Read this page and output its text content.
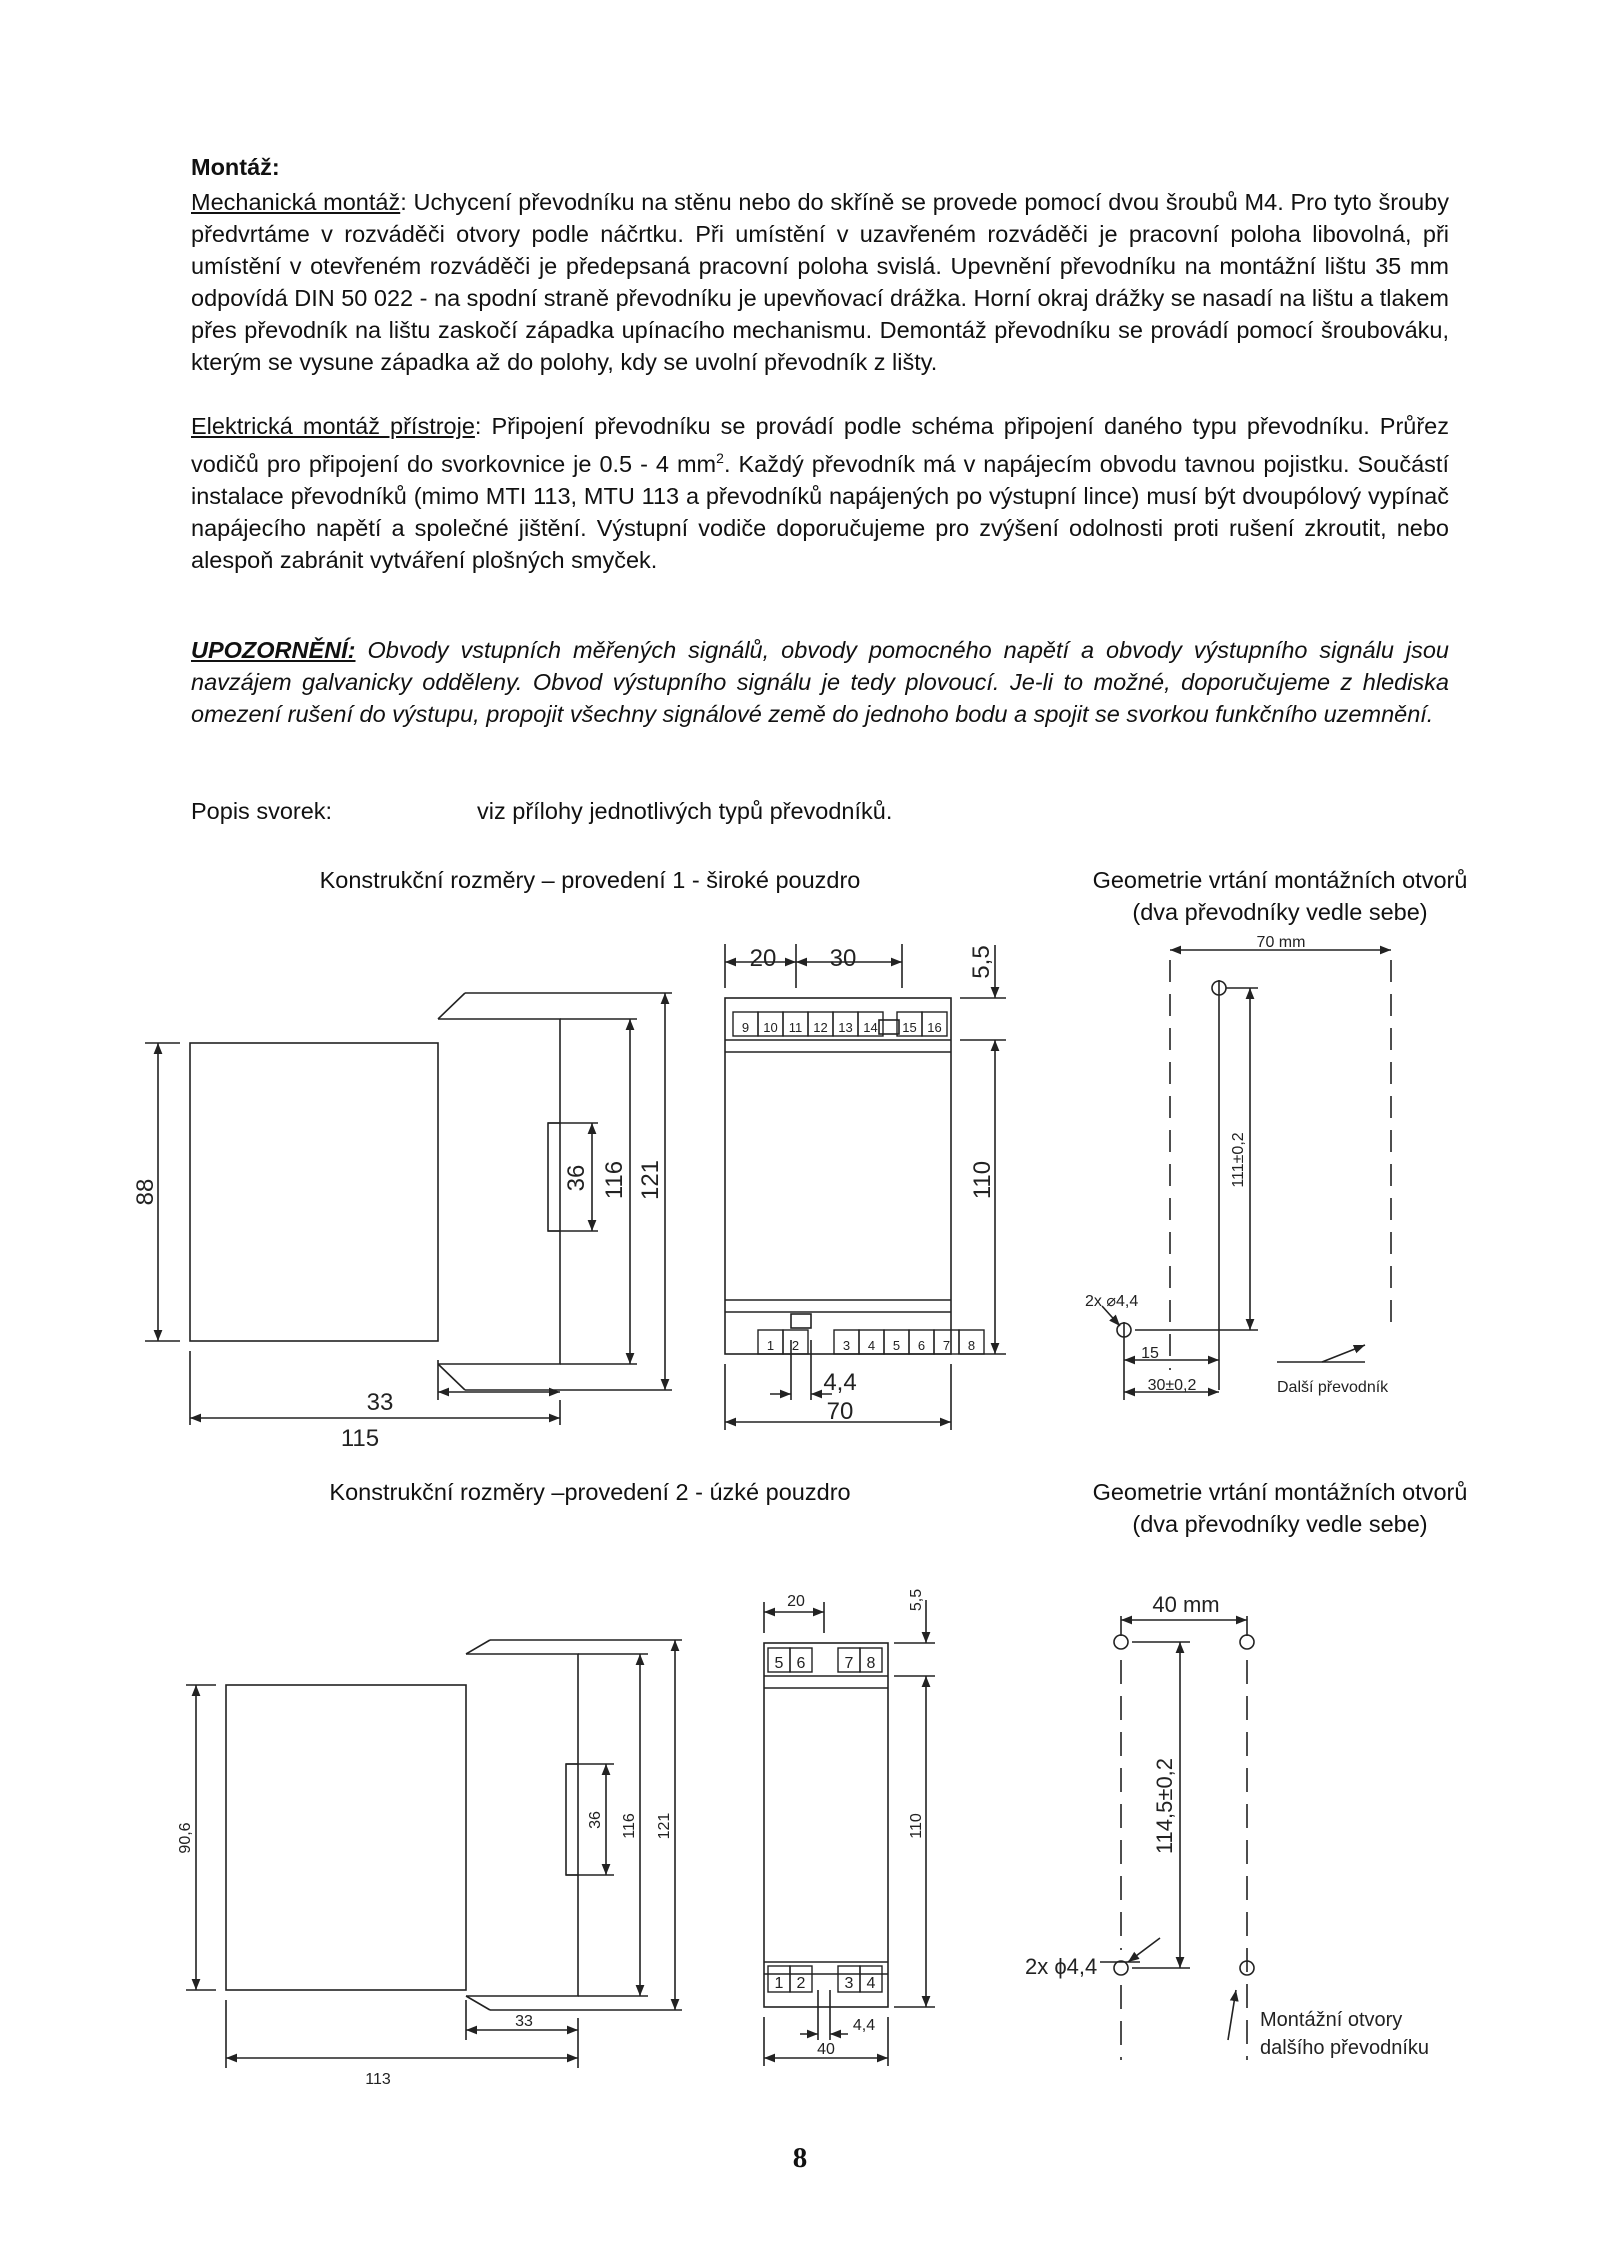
Montáž:
Mechanická montáž: Uchycení převodníku na stěnu nebo do skříně se provede pomocí dvou šroubů M4. Pro tyto šrouby předvrtáme v rozváděči otvory podle náčrtku. Při umístění v uzavřeném rozváděči je pracovní poloha libovolná, při umístění v otevřeném rozváděči je předepsaná pracovní poloha svislá. Upevnění převodníku na montážní lištu 35 mm odpovídá DIN 50 022 - na spodní straně převodníku je upevňovací drážka. Horní okraj drážky se nasadí na lištu a tlakem přes převodník na lištu zaskočí západka upínacího mechanismu. Demontáž převodníku se provádí pomocí šroubováku, kterým se vysune západka až do polohy, kdy se uvolní převodník z lišty.
Elektrická montáž přístroje: Připojení převodníku se provádí podle schéma připojení daného typu převodníku. Průřez vodičů pro připojení do svorkovnice je 0.5 - 4 $mm^2$. Každý převodník má v napájecím obvodu tavnou pojistku. Součástí instalace převodníků (mimo MTI 113, MTU 113 a převodníků napájených po výstupní lince) musí být dvoupólový vypínač napájecího napětí a společné jištění. Výstupní vodiče doporučujeme pro zvýšení odolnosti proti rušení zkroutit, nebo alespoň zabránit vytváření plošných smyček.
UPOZORNĚNÍ: Obvody vstupních měřených signálů, obvody pomocného napětí a obvody výstupního signálu jsou navzájem galvanicky odděleny. Obvod výstupního signálu je tedy plovoucí. Je-li to možné, doporučujeme z hlediska omezení rušení do výstupu, propojit všechny signálové země do jednoho bodu a spojit se svorkou funkčního uzemnění.
Popis svorek:	viz přílohy jednotlivých typů převodníků.
Konstrukční rozměry – provedení 1 - široké pouzdro	Geometrie vrtání montážních otvorů
(dva převodníky vedle sebe)
Konstrukční rozměry –provedení 2 - úzké pouzdro	Geometrie vrtání montážních otvorů
(dva převodníky vedle sebe)
88
36 116 121
33
115
9 10 11 12 13 14 15 16
1 2	3 4 5 6 7 8
20 30	5,5
110
4,4
70
70 mm
111±0,2
2x ⌀4,4
15
30±0,2	Další převodník
90,6
36 116 121
33
113
5 6 7 8
1 2 3 4
20	5,5
110
4,4
40
40 mm
114,5±0,2
2x ϕ4,4
Montážní otvory
dalšího převodníku
8
